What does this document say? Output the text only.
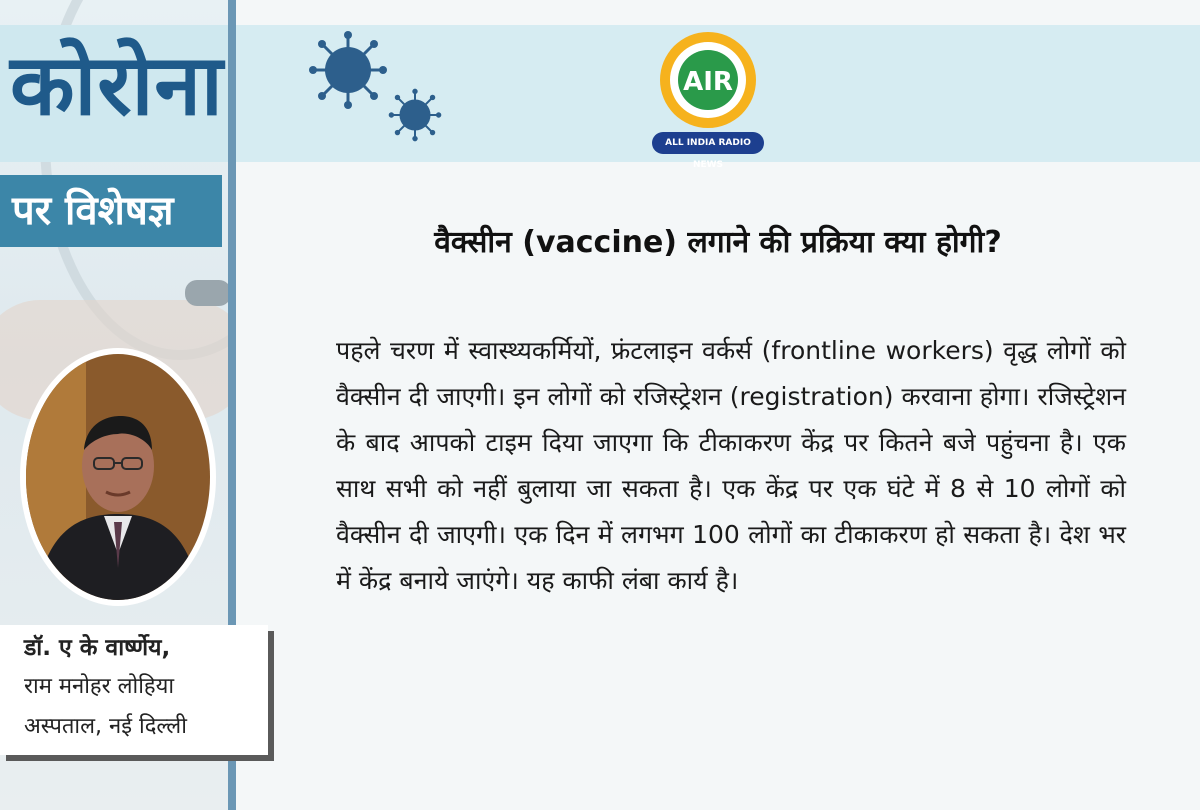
कोरोना
पर विशेषज्ञ
AIR
ALL INDIA RADIO NEWS
डॉ. ए के वार्ष्णेय,
राम मनोहर लोहिया
अस्पताल, नई दिल्ली
वैक्सीन (vaccine) लगाने की प्रक्रिया क्या होगी?

पहले चरण में स्वास्थ्यकर्मियों, फ्रंटलाइन वर्कर्स (frontline workers) वृद्ध लोगों को वैक्सीन दी जाएगी। इन लोगों को रजिस्ट्रेशन (registration) करवाना होगा। रजिस्ट्रेशन के बाद आपको टाइम दिया जाएगा कि टीकाकरण केंद्र पर कितने बजे पहुंचना है। एक साथ सभी को नहीं बुलाया जा सकता है। एक केंद्र पर एक घंटे में 8 से 10 लोगों को वैक्सीन दी जाएगी। एक दिन में लगभग 100 लोगों का टीकाकरण हो सकता है। देश भर में केंद्र बनाये जाएंगे। यह काफी लंबा कार्य है।
